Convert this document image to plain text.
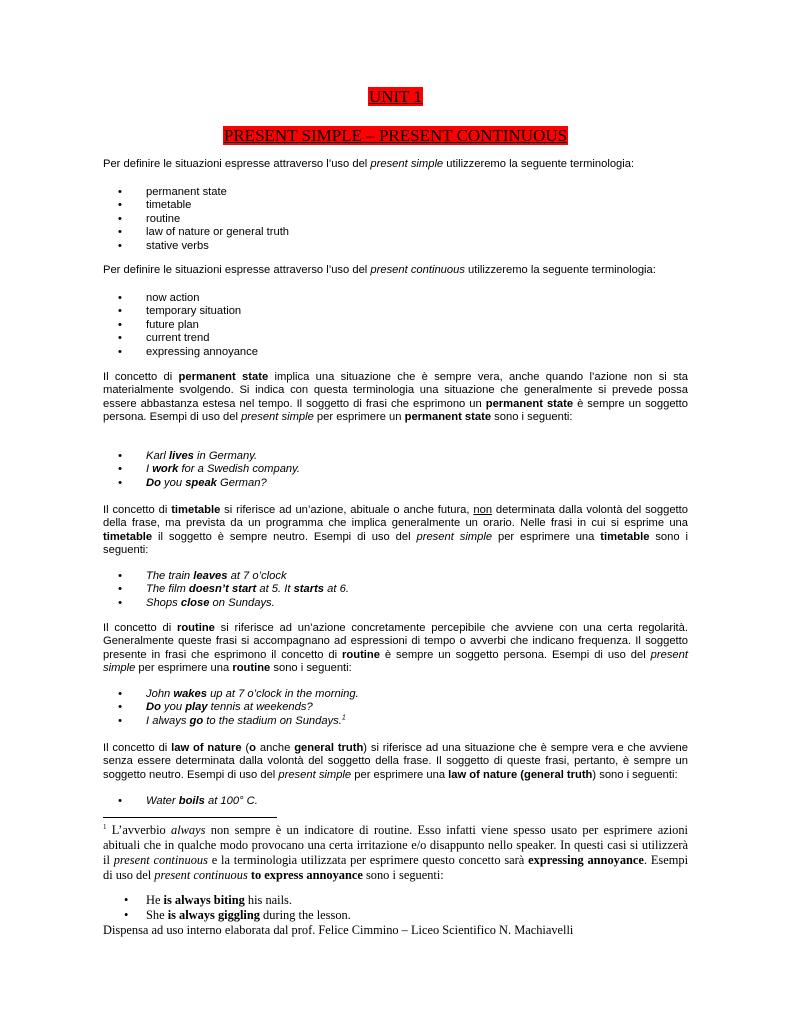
UNIT 1
PRESENT SIMPLE – PRESENT CONTINUOUS

Per definire le situazioni espresse attraverso l’uso del present simple utilizzeremo la seguente terminologia:

• permanent state
• timetable
• routine
• law of nature or general truth
• stative verbs

Per definire le situazioni espresse attraverso l’uso del present continuous utilizzeremo la seguente terminologia:

• now action
• temporary situation
• future plan
• current trend
• expressing annoyance

Il concetto di permanent state implica una situazione che è sempre vera, anche quando l’azione non si sta materialmente svolgendo. Si indica con questa terminologia una situazione che generalmente si prevede possa essere abbastanza estesa nel tempo. Il soggetto di frasi che esprimono un permanent state è sempre un soggetto persona. Esempi di uso del present simple per esprimere un permanent state sono i seguenti:

• Karl lives in Germany.
• I work for a Swedish company.
• Do you speak German?

Il concetto di timetable si riferisce ad un’azione, abituale o anche futura, non determinata dalla volontà del soggetto della frase, ma prevista da un programma che implica generalmente un orario. Nelle frasi in cui si esprime una timetable il soggetto è sempre neutro. Esempi di uso del present simple per esprimere una timetable sono i seguenti:

• The train leaves at 7 o’clock
• The film doesn’t start at 5. It starts at 6.
• Shops close on Sundays.

Il concetto di routine si riferisce ad un’azione concretamente percepibile che avviene con una certa regolarità. Generalmente queste frasi si accompagnano ad espressioni di tempo o avverbi che indicano frequenza. Il soggetto presente in frasi che esprimono il concetto di routine è sempre un soggetto persona. Esempi di uso del present simple per esprimere una routine sono i seguenti:

• John wakes up at 7 o’clock in the morning.
• Do you play tennis at weekends?
• I always go to the stadium on Sundays.$^1$

Il concetto di law of nature (o anche general truth) si riferisce ad una situazione che è sempre vera e che avviene senza essere determinata dalla volontà del soggetto della frase. Il soggetto di queste frasi, pertanto, è sempre un soggetto neutro. Esempi di uso del present simple per esprimere una law of nature (general truth) sono i seguenti:

• Water boils at 100° C.

$^1$ L’avverbio always non sempre è un indicatore di routine. Esso infatti viene spesso usato per esprimere azioni abituali che in qualche modo provocano una certa irritazione e/o disappunto nello speaker. In questi casi si utilizzerà il present continuous e la terminologia utilizzata per esprimere questo concetto sarà expressing annoyance. Esempi di uso del present continuous to express annoyance sono i seguenti:

• He is always biting his nails.
• She is always giggling during the lesson.

Dispensa ad uso interno elaborata dal prof. Felice Cimmino – Liceo Scientifico N. Machiavelli
